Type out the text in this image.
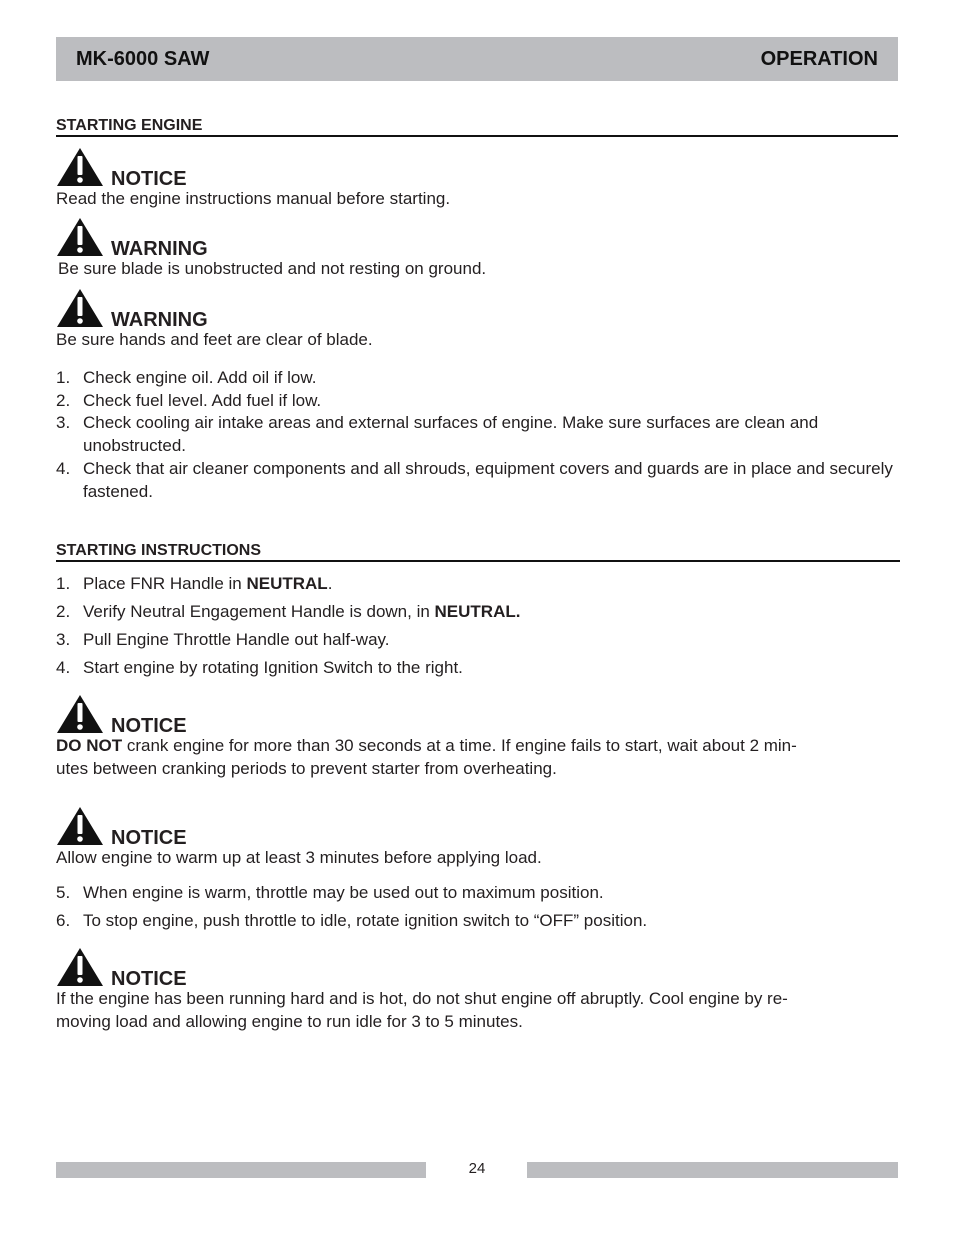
MK-6000 SAW	OPERATION
STARTING ENGINE
NOTICE
Read the engine instructions manual before starting.
WARNING
Be sure blade is unobstructed and not resting on ground.
WARNING
Be sure hands and feet are clear of blade.
1. Check engine oil. Add oil if low.
2. Check fuel level. Add fuel if low.
3. Check cooling air intake areas and external surfaces of engine. Make sure surfaces are clean and unobstructed.
4. Check that air cleaner components and all shrouds, equipment covers and guards are in place and securely fastened.
STARTING INSTRUCTIONS
1. Place FNR Handle in NEUTRAL.
2. Verify Neutral Engagement Handle is down, in NEUTRAL.
3. Pull Engine Throttle Handle out half-way.
4. Start engine by rotating Ignition Switch to the right.
NOTICE
DO NOT crank engine for more than 30 seconds at a time. If engine fails to start, wait about 2 min-
utes between cranking periods to prevent starter from overheating.
NOTICE
Allow engine to warm up at least 3 minutes before applying load.
5. When engine is warm, throttle may be used out to maximum position.
6. To stop engine, push throttle to idle, rotate ignition switch to “OFF” position.
NOTICE
If the engine has been running hard and is hot, do not shut engine off abruptly. Cool engine by re-
moving load and allowing engine to run idle for 3 to 5 minutes.
24
